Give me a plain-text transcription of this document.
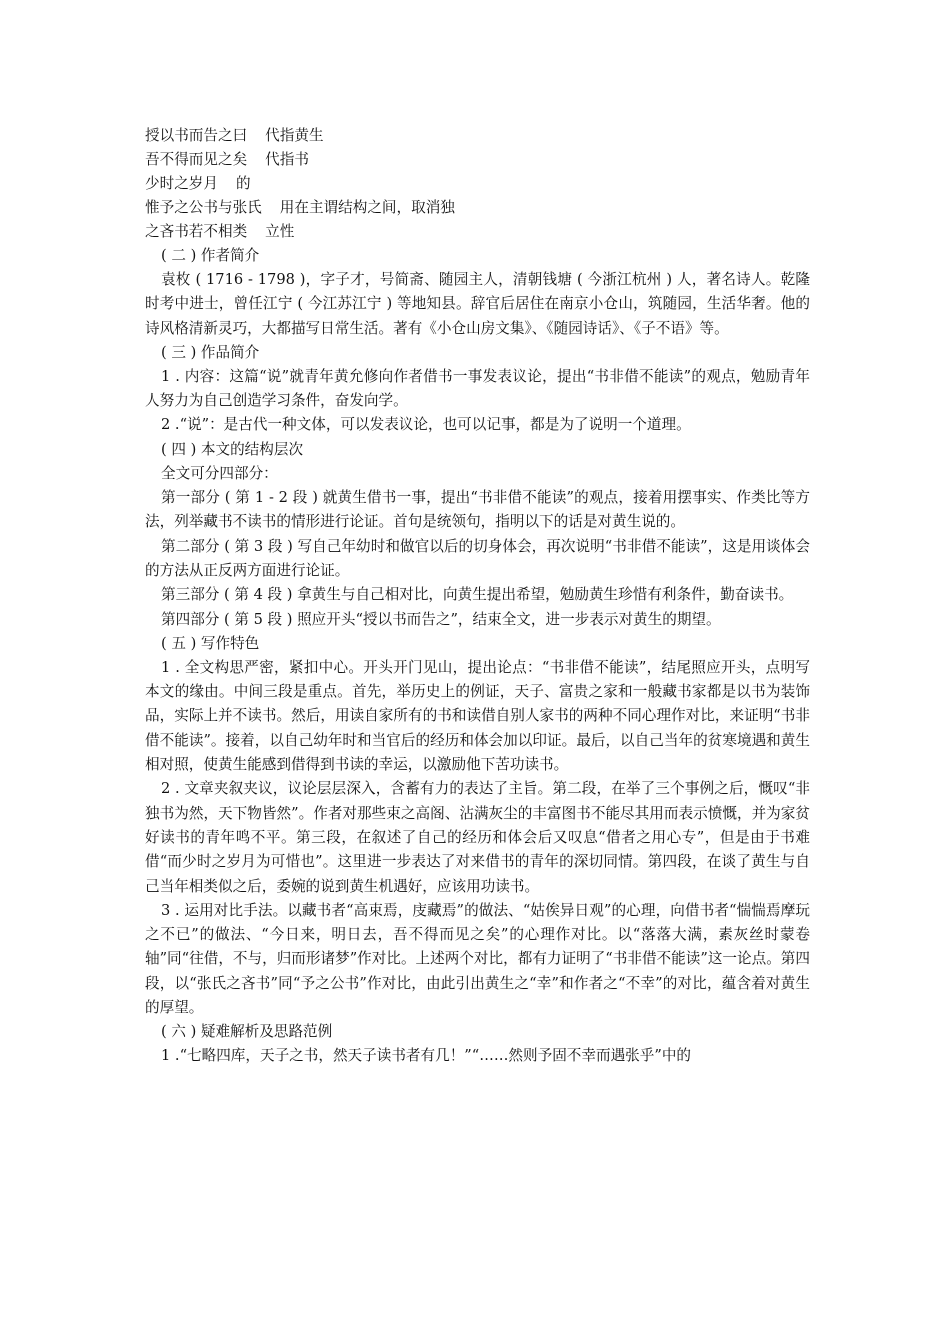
授以书而告之曰 代指黄生
吾不得而见之矣 代指书
少时之岁月 的
惟予之公书与张氏 用在主谓结构之间，取消独
之吝书若不相类 立性
( 二 ) 作者简介

袁枚 ( 1716 - 1798 )，字子才，号简斋、随园主人，清朝钱塘 ( 今浙江杭州 ) 人，著名诗人。乾隆时考中进士，曾任江宁 ( 今江苏江宁 ) 等地知县。辞官后居住在南京小仓山，筑随园，生活华奢。他的诗风格清新灵巧，大都描写日常生活。著有《小仓山房文集》、《随园诗话》、《子不语》等。

( 三 ) 作品简介

1 . 内容：这篇“说”就青年黄允修向作者借书一事发表议论，提出“书非借不能读”的观点，勉励青年人努力为自己创造学习条件，奋发向学。

2 .“说”：是古代一种文体，可以发表议论，也可以记事，都是为了说明一个道理。

( 四 ) 本文的结构层次

全文可分四部分：

第一部分 ( 第 1 - 2 段 ) 就黄生借书一事，提出“书非借不能读”的观点，接着用摆事实、作类比等方法，列举藏书不读书的情形进行论证。首句是统领句，指明以下的话是对黄生说的。

第二部分 ( 第 3 段 ) 写自己年幼时和做官以后的切身体会，再次说明“书非借不能读”，这是用谈体会的方法从正反两方面进行论证。

第三部分 ( 第 4 段 ) 拿黄生与自己相对比，向黄生提出希望，勉励黄生珍惜有利条件，勤奋读书。

第四部分 ( 第 5 段 ) 照应开头“授以书而告之”，结束全文，进一步表示对黄生的期望。

( 五 ) 写作特色

1 . 全文构思严密，紧扣中心。开头开门见山，提出论点：“书非借不能读”，结尾照应开头，点明写本文的缘由。中间三段是重点。首先，举历史上的例证，天子、富贵之家和一般藏书家都是以书为装饰品，实际上并不读书。然后，用读自家所有的书和读借自别人家书的两种不同心理作对比，来证明“书非借不能读”。接着，以自己幼年时和当官后的经历和体会加以印证。最后，以自己当年的贫寒境遇和黄生相对照，使黄生能感到借得到书读的幸运，以激励他下苦功读书。

2 . 文章夹叙夹议，议论层层深入，含蓄有力的表达了主旨。第二段，在举了三个事例之后，慨叹“非独书为然，天下物皆然”。作者对那些束之高阁、沾满灰尘的丰富图书不能尽其用而表示愤慨，并为家贫好读书的青年鸣不平。第三段，在叙述了自己的经历和体会后又叹息“借者之用心专”，但是由于书难借“而少时之岁月为可惜也”。这里进一步表达了对来借书的青年的深切同情。第四段，在谈了黄生与自己当年相类似之后，委婉的说到黄生机遇好，应该用功读书。

3 . 运用对比手法。以藏书者“高束焉，庋藏焉”的做法、“姑俟异日观”的心理，向借书者“惴惴焉摩玩之不已”的做法、“今日来，明日去，吾不得而见之矣”的心理作对比。以“落落大满，素灰丝时蒙卷轴”同“往借，不与，归而形诸梦”作对比。上述两个对比，都有力证明了“书非借不能读”这一论点。第四段，以“张氏之吝书”同“予之公书”作对比，由此引出黄生之“幸”和作者之“不幸”的对比，蕴含着对黄生的厚望。

( 六 ) 疑难解析及思路范例

1 .“七略四库，天子之书，然天子读书者有几！”“……然则予固不幸而遇张乎”中的
